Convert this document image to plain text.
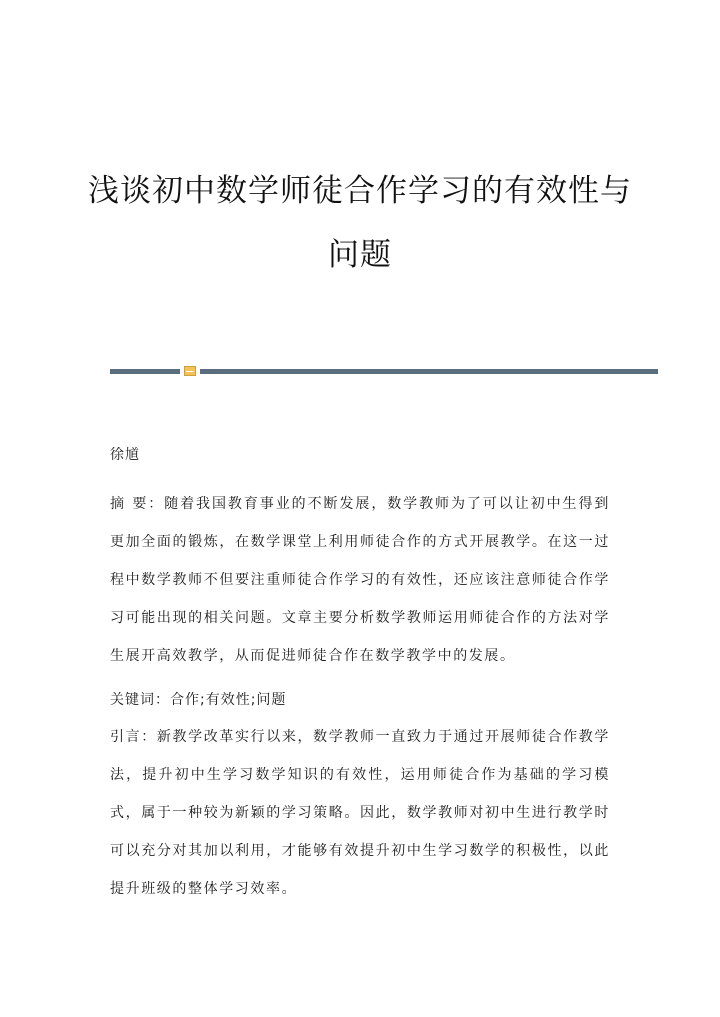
浅谈初中数学师徒合作学习的有效性与
问题
徐馗
摘 要：随着我国教育事业的不断发展，数学教师为了可以让初中生得到更加全面的锻炼，在数学课堂上利用师徒合作的方式开展教学。在这一过程中数学教师不但要注重师徒合作学习的有效性，还应该注意师徒合作学习可能出现的相关问题。文章主要分析数学教师运用师徒合作的方法对学生展开高效教学，从而促进师徒合作在数学教学中的发展。
关键词：合作;有效性;问题
引言：新教学改革实行以来，数学教师一直致力于通过开展师徒合作教学法，提升初中生学习数学知识的有效性，运用师徒合作为基础的学习模式，属于一种较为新颖的学习策略。因此，数学教师对初中生进行教学时可以充分对其加以利用，才能够有效提升初中生学习数学的积极性，以此提升班级的整体学习效率。
